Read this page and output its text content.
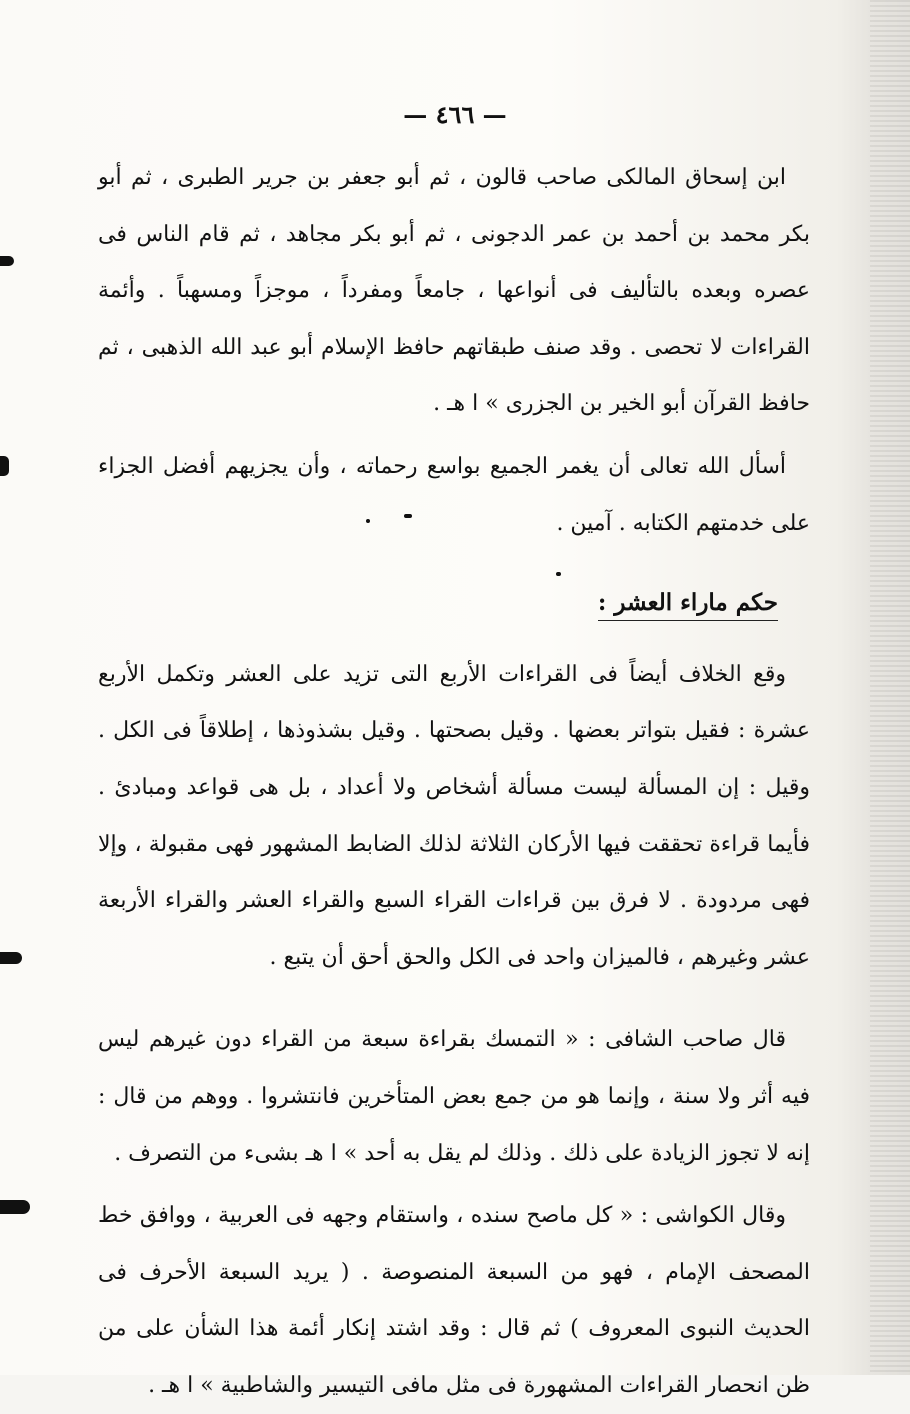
— ٤٦٦ —

ابن إسحاق المالكى صاحب قالون ، ثم أبو جعفر بن جرير الطبرى ، ثم أبو بكر محمد بن أحمد بن عمر الدجونى ، ثم أبو بكر مجاهد ، ثم قام الناس فى عصره وبعده بالتأليف فى أنواعها ، جامعاً ومفرداً ، موجزاً ومسهباً . وأئمة القراءات لا تحصى . وقد صنف طبقاتهم حافظ الإسلام أبو عبد الله الذهبى ، ثم حافظ القرآن أبو الخير بن الجزرى » ا هـ .

أسأل الله تعالى أن يغمر الجميع بواسع رحماته ، وأن يجزيهم أفضل الجزاء على خدمتهم الكتابه . آمين .

حكم ماراء العشر :

وقع الخلاف أيضاً فى القراءات الأربع التى تزيد على العشر وتكمل الأربع عشرة : فقيل بتواتر بعضها . وقيل بصحتها . وقيل بشذوذها ، إطلاقاً فى الكل . وقيل : إن المسألة ليست مسألة أشخاص ولا أعداد ، بل هى قواعد ومبادئ . فأيما قراءة تحققت فيها الأركان الثلاثة لذلك الضابط المشهور فهى مقبولة ، وإلا فهى مردودة . لا فرق بين قراءات القراء السبع والقراء العشر والقراء الأربعة عشر وغيرهم ، فالميزان واحد فى الكل والحق أحق أن يتبع .

قال صاحب الشافى : « التمسك بقراءة سبعة من القراء دون غيرهم ليس فيه أثر ولا سنة ، وإنما هو من جمع بعض المتأخرين فانتشروا . ووهم من قال : إنه لا تجوز الزيادة على ذلك . وذلك لم يقل به أحد » ا هـ بشىء من التصرف .

وقال الكواشى : « كل ماصح سنده ، واستقام وجهه فى العربية ، ووافق خط المصحف الإمام ، فهو من السبعة المنصوصة . ( يريد السبعة الأحرف فى الحديث النبوى المعروف ) ثم قال : وقد اشتد إنكار أئمة هذا الشأن على من ظن انحصار القراءات المشهورة فى مثل مافى التيسير والشاطبية » ا هـ .
